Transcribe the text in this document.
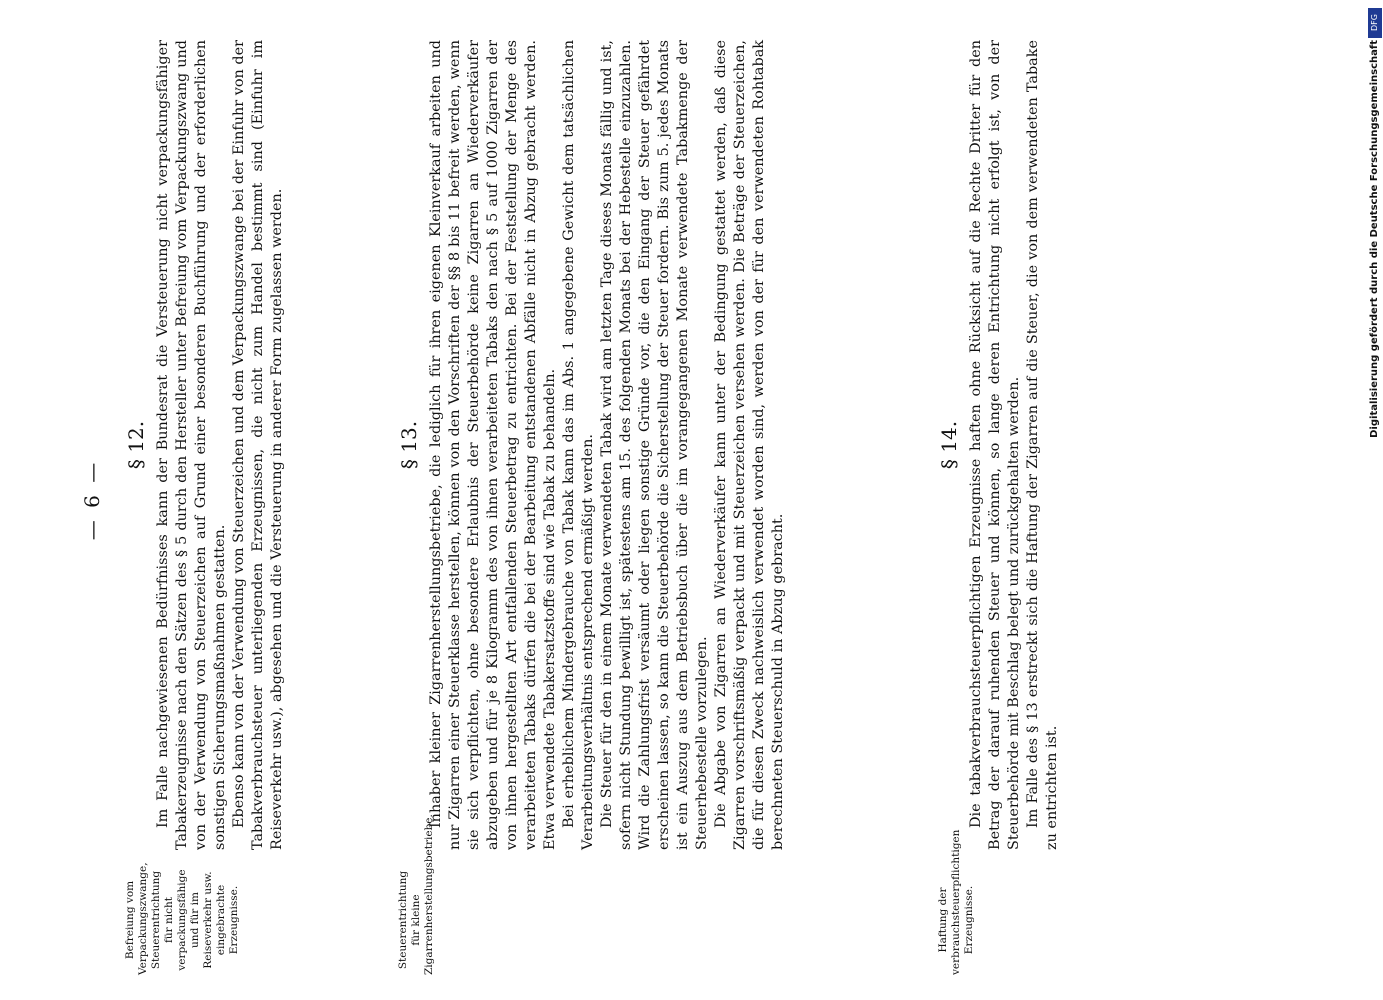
— 6 —
Befreiung vom Verpackungszwange, Steuerentrichtung für nicht verpackungsfähige und für im Reiseverkehr usw. eingebrachte Erzeugnisse.
§ 12. Im Falle nachgewiesenen Bedürfnisses kann der Bundesrat die Versteuerung nicht verpackungsfähiger Tabakerzeugnisse nach den Sätzen des § 5 durch den Hersteller unter Befreiung vom Verpackungszwang und von der Verwendung von Steuerzeichen auf Grund einer besonderen Buchführung und der erforderlichen sonstigen Sicherungsmaßnahmen gestatten. Ebenso kann von der Verwendung von Steuerzeichen und dem Verpackungszwange bei der Einfuhr von der Tabakverbrauchsteuer unterliegenden Erzeugnissen, die nicht zum Handel bestimmt sind (Einfuhr im Reiseverkehr usw.), abgesehen und die Versteuerung in anderer Form zugelassen werden.

Steuerentrichtung für kleine Zigarrenherstellungsbetriebe.
§ 13. Inhaber kleiner Zigarrenherstellungsbetriebe, die lediglich für ihren eigenen Kleinverkauf arbeiten und nur Zigarren einer Steuerklasse herstellen, können von den Vorschriften der §§ 8 bis 11 befreit werden, wenn sie sich verpflichten, ohne besondere Erlaubnis der Steuerbehörde keine Zigarren an Wiederverkäufer abzugeben und für je 8 Kilogramm des von ihnen verarbeiteten Tabaks den nach § 5 auf 1000 Zigarren der von ihnen hergestellten Art entfallenden Steuerbetrag zu entrichten. Bei der Feststellung der Menge des verarbeiteten Tabaks dürfen die bei der Bearbeitung entstandenen Abfälle nicht in Abzug gebracht werden. Etwa verwendete Tabakersatzstoffe sind wie Tabak zu behandeln. Bei erheblichem Mindergebrauche von Tabak kann das im Abs. 1 angegebene Gewicht dem tatsächlichen Verarbeitungsverhältnis entsprechend ermäßigt werden. Die Steuer für den in einem Monate verwendeten Tabak wird am letzten Tage dieses Monats fällig und ist, sofern nicht Stundung bewilligt ist, spätestens am 15. des folgenden Monats bei der Hebestelle einzuzahlen. Wird die Zahlungsfrist versäumt oder liegen sonstige Gründe vor, die den Eingang der Steuer gefährdet erscheinen lassen, so kann die Steuerbehörde die Sicherstellung der Steuer fordern. Bis zum 5. jedes Monats ist ein Auszug aus dem Betriebsbuch über die im vorangegangenen Monate verwendete Tabakmenge der Steuerhebestelle vorzulegen. Die Abgabe von Zigarren an Wiederverkäufer kann unter der Bedingung gestattet werden, daß diese Zigarren vorschriftsmäßig verpackt und mit Steuerzeichen versehen werden. Die Beträge der Steuerzeichen, die für diesen Zweck nachweislich verwendet worden sind, werden von der für den verwendeten Rohtabak berechneten Steuerschuld in Abzug gebracht.

Haftung der verbrauchsteuerpflichtigen Erzeugnisse.
§ 14. Die tabakverbrauchsteuerpflichtigen Erzeugnisse haften ohne Rücksicht auf die Rechte Dritter für den Betrag der darauf ruhenden Steuer und können, so lange deren Entrichtung nicht erfolgt ist, von der Steuerbehörde mit Beschlag belegt und zurückgehalten werden. Im Falle des § 13 erstreckt sich die Haftung der Zigarren auf die Steuer, die von dem verwendeten Tabake zu entrichten ist.

DFG
Digitalisierung gefördert durch die Deutsche Forschungsgemeinschaft
